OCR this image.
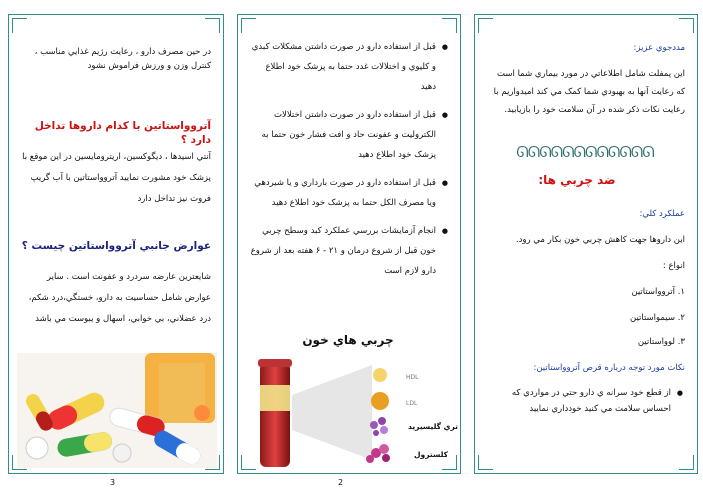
در حين مصرف دارو ، رعايت رژيم غذايي مناسب ، کنترل وزن و ورزش فراموش نشود
آتروواستاتين با کدام داروها تداخل دارد ؟
آنتي اسيدها ، ديگوکسين، اريترومايسين در اين موقع با پزشک خود مشورت نماييد آتروواستاتين با آب گريپ فروت نيز تداخل دارد
عوارض جانبي آتروواستاتين چيست ؟
شايعترين عارضه سردرد و عفونت است . ساير عوارض شامل حساسيت به دارو، خستگي،درد شکم، درد عضلاني، بي خوابي، اسهال و يبوست مي باشد
3
● قبل از استفاده دارو در صورت داشتن مشکلات کبدي و کليوي و اختلالات غدد حتما به پزشک خود اطلاع دهيد
● قبل از استفاده دارو در صورت داشتن اختلالات الکتروليت و عفونت حاد و افت فشار خون حتما به پزشک خود اطلاع دهيد
● قبل از استفاده دارو در صورت بارداري و يا شيردهي ويا مصرف الکل حتما به پزشک خود اطلاع دهيد
● انجام آزمايشات بررسي عملکرد کبد وسطح چربي خون قبل از شروع درمان و ۲۱ - ۶ هفته بعد از شروع دارو لازم است
چربي هاي خون
HDL
LDL
تري گليسيريد
کلسترول
2
مددجوي عزيز:
اين پمفلت شامل اطلاعاتي در مورد بيماري شما است که رعايت آنها به بهبودي شما کمک مي کند اميدواريم با رعايت نکات ذکر شده در آن سلامت خود را بازيابيد.
ᘏᘏᘏᘏᘏᘏᘏᘏᘏᘏᘏᘏ
ضد چربي ها:
عملکرد کلي:
اين داروها جهت کاهش چربي خون بکار مي رود.
انواع :
۱. آتروواستاتين
۲. سيمواستاتين
۳. لوواستاتين
نکات مورد توجه درباره قرص آتروواستاتين:
● از قطع خود سرانه ي دارو حتي در مواردي که احساس سلامت مي کنيد خودداري نماييد
